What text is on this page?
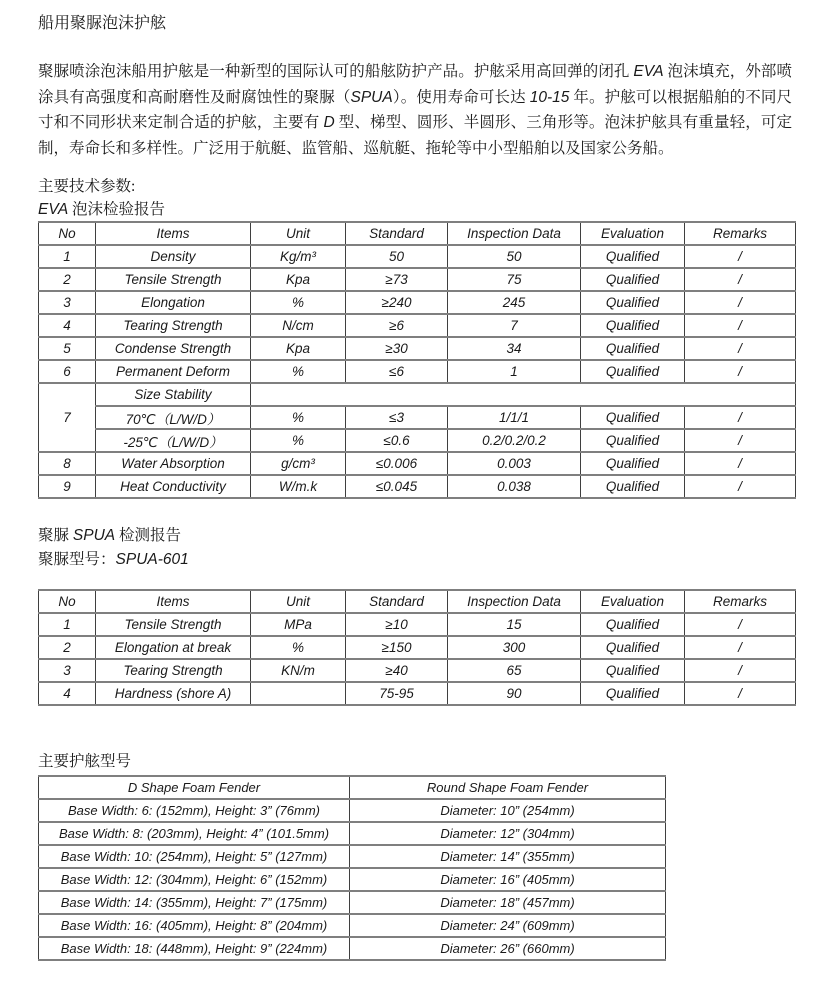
船用聚脲泡沫护舷

聚脲喷涂泡沫船用护舷是一种新型的国际认可的船舷防护产品。护舷采用高回弹的闭孔 EVA 泡沫填充，外部喷涂具有高强度和高耐磨性及耐腐蚀性的聚脲（SPUA）。使用寿命可长达 10-15 年。护舷可以根据船舶的不同尺寸和不同形状来定制合适的护舷，主要有 D 型、梯型、圆形、半圆形、三角形等。泡沫护舷具有重量轻，可定制，寿命长和多样性。广泛用于航艇、监管船、巡航艇、拖轮等中小型船舶以及国家公务船。

主要技术参数:
EVA 泡沫检验报告
No	Items	Unit	Standard	Inspection Data	Evaluation	Remarks
1	Density	Kg/m³	50	50	Qualified	/
2	Tensile Strength	Kpa	≥73	75	Qualified	/
3	Elongation	%	≥240	245	Qualified	/
4	Tearing Strength	N/cm	≥6	7	Qualified	/
5	Condense Strength	Kpa	≥30	34	Qualified	/
6	Permanent Deform	%	≤6	1	Qualified	/
7	Size Stability					
	70℃（L/W/D）	%	≤3	1/1/1	Qualified	/
	-25℃（L/W/D）	%	≤0.6	0.2/0.2/0.2	Qualified	/
8	Water Absorption	g/cm³	≤0.006	0.003	Qualified	/
9	Heat Conductivity	W/m.k	≤0.045	0.038	Qualified	/
聚脲 SPUA 检测报告
聚脲型号：SPUA-601
No	Items	Unit	Standard	Inspection Data	Evaluation	Remarks
1	Tensile Strength	MPa	≥10	15	Qualified	/
2	Elongation at break	%	≥150	300	Qualified	/
3	Tearing Strength	KN/m	≥40	65	Qualified	/
4	Hardness (shore A)		75-95	90	Qualified	/
主要护舷型号
D Shape Foam Fender	Round Shape Foam Fender
Base Width: 6: (152mm), Height: 3” (76mm)	Diameter: 10” (254mm)
Base Width: 8: (203mm), Height: 4” (101.5mm)	Diameter: 12” (304mm)
Base Width: 10: (254mm), Height: 5” (127mm)	Diameter: 14” (355mm)
Base Width: 12: (304mm), Height: 6” (152mm)	Diameter: 16” (405mm)
Base Width: 14: (355mm), Height: 7” (175mm)	Diameter: 18” (457mm)
Base Width: 16: (405mm), Height: 8” (204mm)	Diameter: 24” (609mm)
Base Width: 18: (448mm), Height: 9” (224mm)	Diameter: 26” (660mm)
